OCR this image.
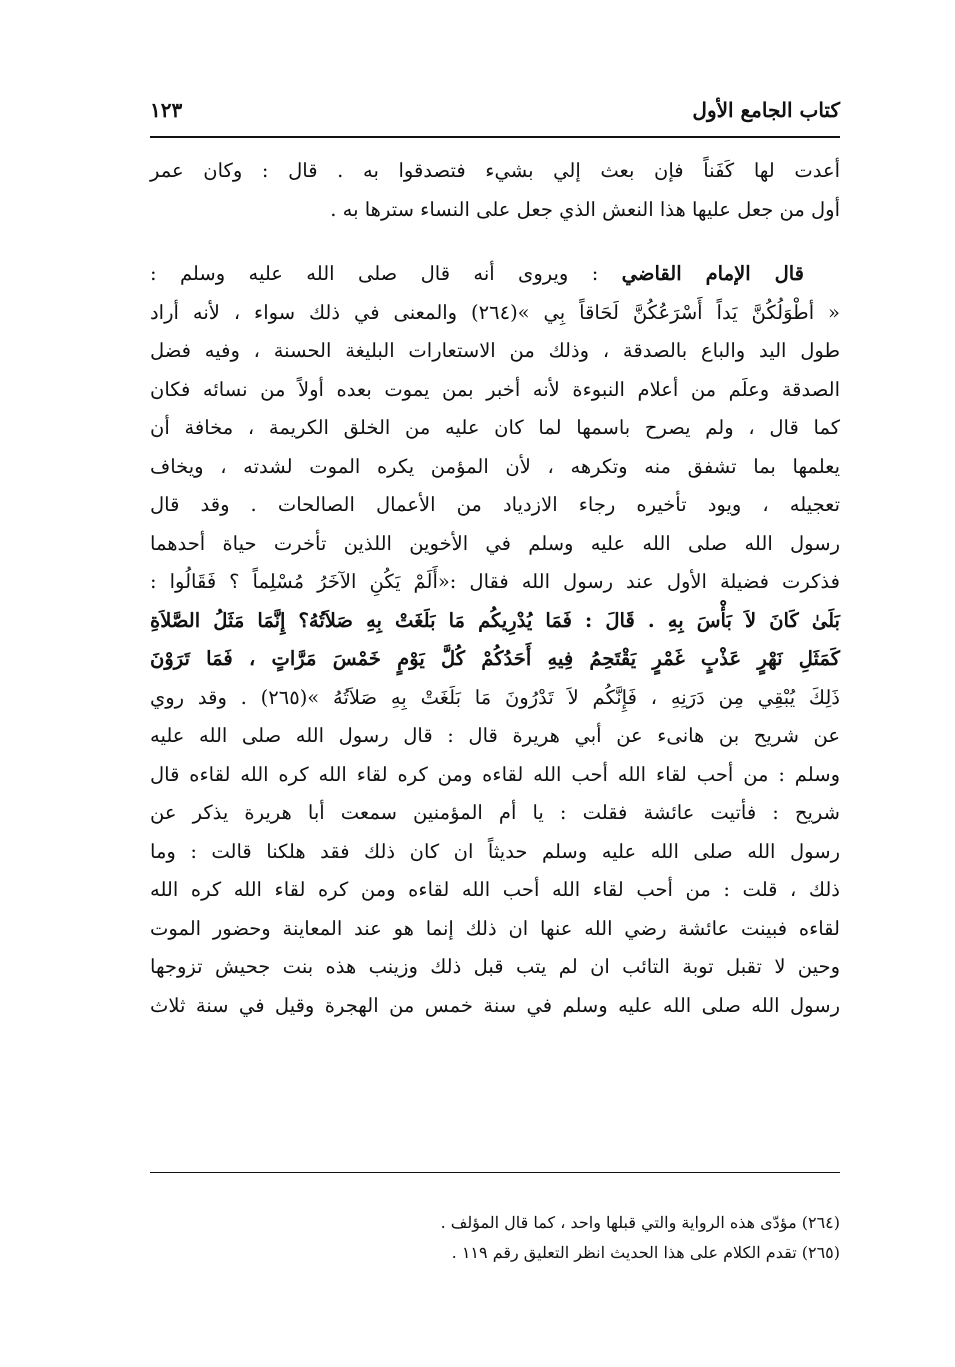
كتاب الجامع الأول
١٢٣

أعدت لها كَفَناً فإن بعث إلي بشيء فتصدقوا به . قال : وكان عمر
أول من جعل عليها هذا النعش الذي جعل على النساء سترها به .

قال الإمام القاضي : ويروى أنه قال صلى الله عليه وسلم :
« أطْوَلُكُنَّ يَداً أَسْرَعُكُنَّ لَحَاقاً بِي »(٢٦٤) والمعنى في ذلك سواء ، لأنه أراد
طول اليد والباع بالصدقة ، وذلك من الاستعارات البليغة الحسنة ، وفيه فضل
الصدقة وعلَم من أعلام النبوءة لأنه أخبر بمن يموت بعده أولاً من نسائه فكان
كما قال ، ولم يصرح باسمها لما كان عليه من الخلق الكريمة ، مخافة أن
يعلمها بما تشفق منه وتكرهه ، لأن المؤمن يكره الموت لشدته ، ويخاف
تعجيله ، ويود تأخيره رجاء الازدياد من الأعمال الصالحات . وقد قال
رسول الله صلى الله عليه وسلم في الأخوين اللذين تأخرت حياة أحدهما
فذكرت فضيلة الأول عند رسول الله فقال :«أَلَمْ يَكُنِ الآخَرُ مُسْلِماً ؟ فَقَالُوا :
بَلَىٰ كَانَ لاَ بَأْسَ بِهِ . قَالَ : فَمَا يُدْرِيكُم مَا بَلَغَتْ بِهِ صَلاَتُهُ؟ إِنَّمَا مَثَلُ الصَّلاَةِ
كَمَثَلِ نَهْرٍ عَذْبٍ غَمْرٍ يَقْتَحِمُ فِيهِ أَحَدُكُمْ كُلَّ يَوْمٍ خَمْسَ مَرَّاتٍ ، فَمَا تَرَوْنَ
ذَلِكَ يُبْقِي مِن دَرَنِهِ ، فَإِنَّكُم لاَ تَدْرُونَ مَا بَلَغَتْ بِهِ صَلاَتُهُ »(٢٦٥) . وقد روي
عن شريح بن هانىء عن أبي هريرة قال : قال رسول الله صلى الله عليه
وسلم : من أحب لقاء الله أحب الله لقاءه ومن كره لقاء الله كره الله لقاءه قال
شريح : فأتيت عائشة فقلت : يا أم المؤمنين سمعت أبا هريرة يذكر عن
رسول الله صلى الله عليه وسلم حديثاً ان كان ذلك فقد هلكنا قالت : وما
ذلك ، قلت : من أحب لقاء الله أحب الله لقاءه ومن كره لقاء الله كره الله
لقاءه فبينت عائشة رضي الله عنها ان ذلك إنما هو عند المعاينة وحضور الموت
وحين لا تقبل توبة التائب ان لم يتب قبل ذلك وزينب هذه بنت جحيش تزوجها
رسول الله صلى الله عليه وسلم في سنة خمس من الهجرة وقيل في سنة ثلاث

(٢٦٤) مؤدّى هذه الرواية والتي قبلها واحد ، كما قال المؤلف .
(٢٦٥) تقدم الكلام على هذا الحديث انظر التعليق رقم ١١٩ .
